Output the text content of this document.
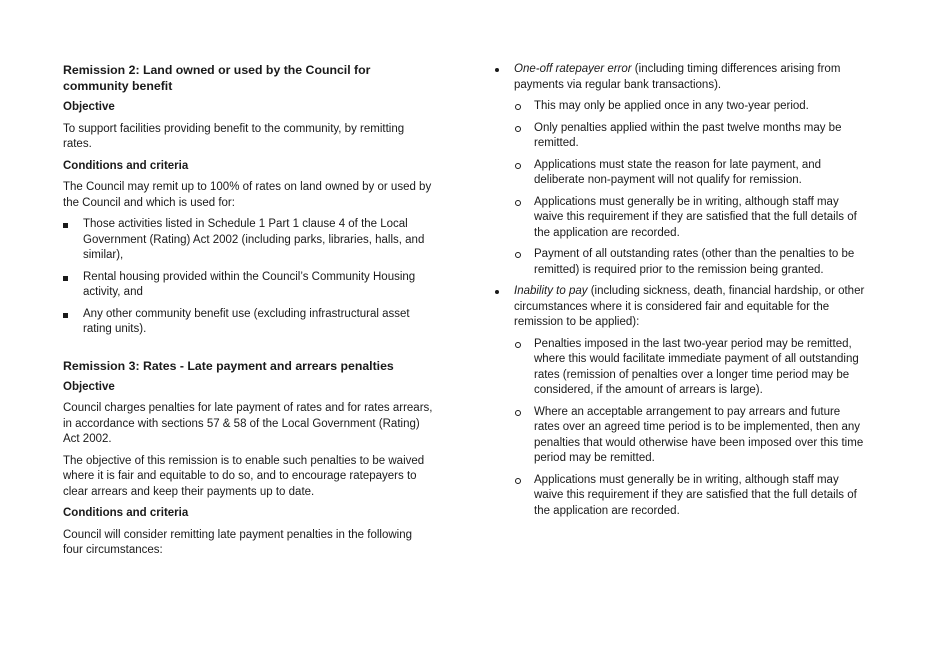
Remission 2: Land owned or used by the Council for community benefit
Objective

To support facilities providing benefit to the community, by remitting rates.

Conditions and criteria

The Council may remit up to 100% of rates on land owned by or used by the Council and which is used for:

Those activities listed in Schedule 1 Part 1 clause 4 of the Local Government (Rating) Act 2002 (including parks, libraries, halls, and similar),
Rental housing provided within the Council’s Community Housing activity, and
Any other community benefit use (excluding infrastructural asset rating units).
Remission 3: Rates - Late payment and arrears penalties
Objective

Council charges penalties for late payment of rates and for rates arrears, in accordance with sections 57 & 58 of the Local Government (Rating) Act 2002.

The objective of this remission is to enable such penalties to be waived where it is fair and equitable to do so, and to encourage ratepayers to clear arrears and keep their payments up to date.

Conditions and criteria

Council will consider remitting late payment penalties in the following four circumstances:

One-off ratepayer error (including timing differences arising from payments via regular bank transactions).
This may only be applied once in any two-year period.
Only penalties applied within the past twelve months may be remitted.
Applications must state the reason for late payment, and deliberate non-payment will not qualify for remission.
Applications must generally be in writing, although staff may waive this requirement if they are satisfied that the full details of the application are recorded.
Payment of all outstanding rates (other than the penalties to be remitted) is required prior to the remission being granted.
Inability to pay (including sickness, death, financial hardship, or other circumstances where it is considered fair and equitable for the remission to be applied):
Penalties imposed in the last two-year period may be remitted, where this would facilitate immediate payment of all outstanding rates (remission of penalties over a longer time period may be considered, if the amount of arrears is large).
Where an acceptable arrangement to pay arrears and future rates over an agreed time period is to be implemented, then any penalties that would otherwise have been imposed over this time period may be remitted.
Applications must generally be in writing, although staff may waive this requirement if they are satisfied that the full details of the application are recorded.
